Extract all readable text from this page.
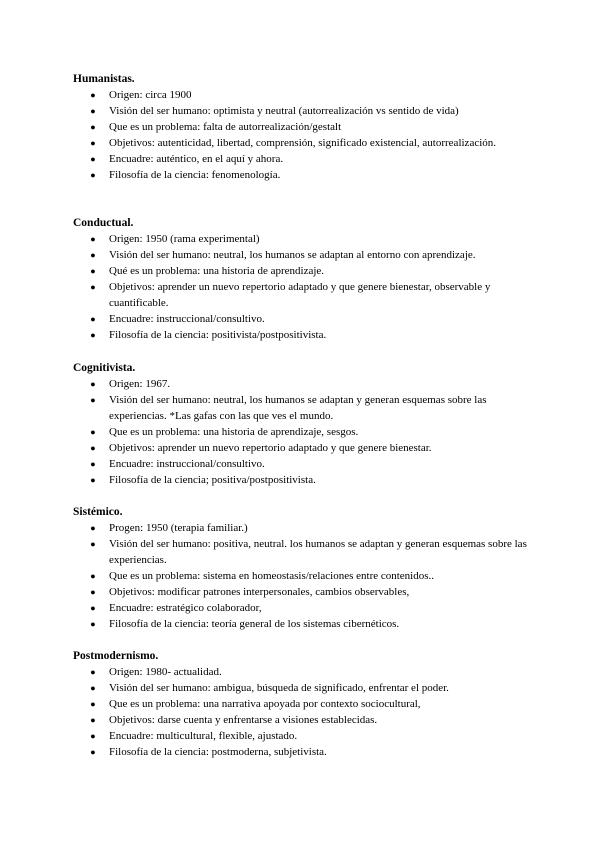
Humanistas.
● Origen: circa 1900
● Visión del ser humano: optimista y neutral (autorrealización vs sentido de vida)
● Que es un problema: falta de autorrealización/gestalt
● Objetivos: autenticidad, libertad, comprensión, significado existencial, autorrealización.
● Encuadre: auténtico, en el aquí y ahora.
● Filosofía de la ciencia: fenomenología.
Conductual.
● Origen: 1950 (rama experimental)
● Visión del ser humano: neutral, los humanos se adaptan al entorno con aprendizaje.
● Qué es un problema: una historia de aprendizaje.
● Objetivos: aprender un nuevo repertorio adaptado y que genere bienestar, observable y cuantificable.
● Encuadre: instruccional/consultivo.
● Filosofía de la ciencia: positivista/postpositivista.
Cognitivista.
● Origen: 1967.
● Visión del ser humano: neutral, los humanos se adaptan y generan esquemas sobre las experiencias. *Las gafas con las que ves el mundo.
● Que es un problema: una historia de aprendizaje, sesgos.
● Objetivos: aprender un nuevo repertorio adaptado y que genere bienestar.
● Encuadre: instruccional/consultivo.
● Filosofía de la ciencia; positiva/postpositivista.
Sistémico.
● Progen: 1950 (terapia familiar.)
● Visión del ser humano: positiva, neutral. los humanos se adaptan y generan esquemas sobre las experiencias.
● Que es un problema: sistema en homeostasis/relaciones entre contenidos..
● Objetivos: modificar patrones interpersonales, cambios observables,
● Encuadre: estratégico colaborador,
● Filosofía de la ciencia: teoría general de los sistemas cibernéticos.
Postmodernismo.
● Origen: 1980- actualidad.
● Visión del ser humano: ambigua, búsqueda de significado, enfrentar el poder.
● Que es un problema: una narrativa apoyada por contexto sociocultural,
● Objetivos: darse cuenta y enfrentarse a visiones establecidas.
● Encuadre: multicultural, flexible, ajustado.
● Filosofía de la ciencia: postmoderna, subjetivista.
